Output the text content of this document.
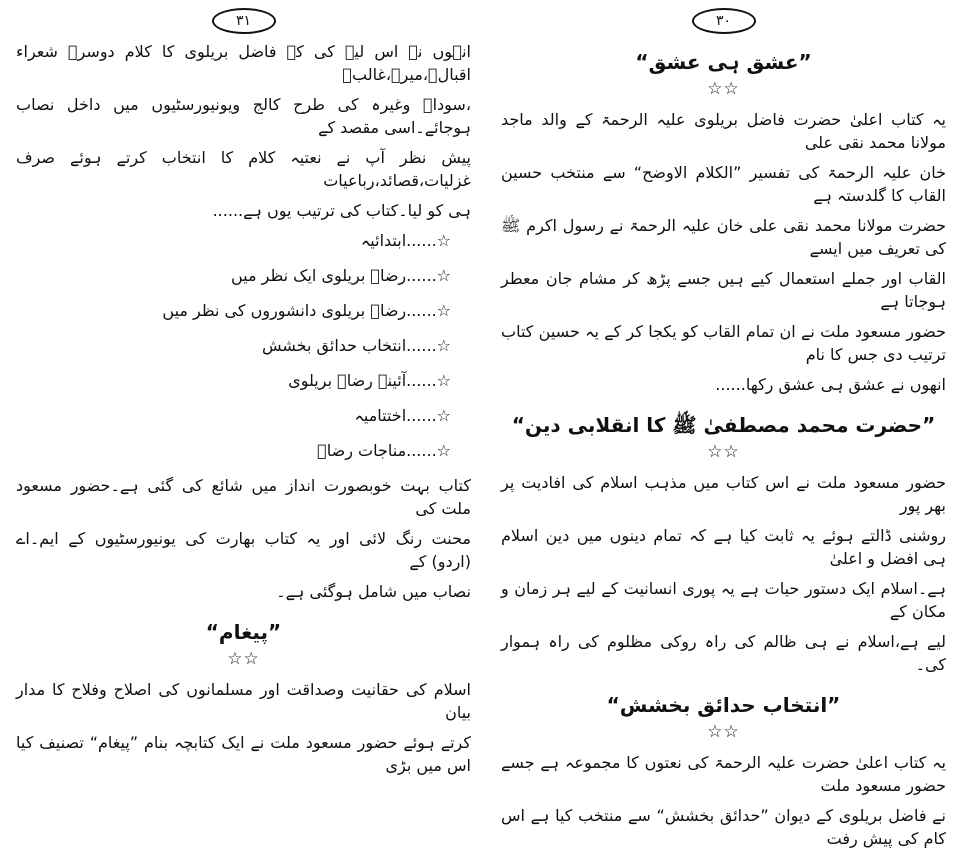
۳۱
انہوں نے اس لیے کی کہ فاضل بریلوی کا کلام دوسرے شعراء اقبالؔ،میرؔ،غالبؔ
،سوداؔ وغیرہ کی طرح کالج ویونیورسٹیوں میں داخل نصاب ہوجائے۔اسی مقصد کے
پیش نظر آپ نے نعتیہ کلام کا انتخاب کرتے ہوئے صرف غزلیات،قصائد،رباعیات
ہی کو لیا۔کتاب کی ترتیب یوں ہے......
☆......ابتدائیہ
☆......رضاؔ بریلوی ایک نظر میں
☆......رضاؔ بریلوی دانشوروں کی نظر میں
☆......انتخاب حدائق بخشش
☆......آئینہ رضاؔ بریلوی
☆......اختتامیہ
☆......مناجات رضاؔ
کتاب بہت خوبصورت انداز میں شائع کی گئی ہے۔حضور مسعود ملت کی
محنت رنگ لائی اور یہ کتاب بھارت کی یونیورسٹیوں کے ایم۔اے (اردو) کے
نصاب میں شامل ہوگئی ہے۔
”پیغام“
☆☆
اسلام کی حقانیت وصداقت اور مسلمانوں کی اصلاح وفلاح کا مدار بیان
کرتے ہوئے حضور مسعود ملت نے ایک کتابچہ بنام ”پیغام“ تصنیف کیا اس میں بڑی
۳۰
”عشق ہی عشق“
☆☆
یہ کتاب اعلیٰ حضرت فاضل بریلوی علیہ الرحمۃ کے والد ماجد مولانا محمد نقی علی
خان علیہ الرحمۃ کی تفسیر ”الکلام الاوضح“ سے منتخب حسین القاب کا گلدستہ ہے
حضرت مولانا محمد نقی علی خان علیہ الرحمۃ نے رسول اکرم ﷺ کی تعریف میں ایسے
القاب اور جملے استعمال کیے ہیں جسے پڑھ کر مشام جان معطر ہوجاتا ہے
حضور مسعود ملت نے ان تمام القاب کو یکجا کر کے یہ حسین کتاب ترتیب دی جس کا نام
انھوں نے عشق ہی عشق رکھا......
”حضرت محمد مصطفیٰ ﷺ کا انقلابی دین“
☆☆
حضور مسعود ملت نے اس کتاب میں مذہب اسلام کی افادیت پر بھر پور
روشنی ڈالتے ہوئے یہ ثابت کیا ہے کہ تمام دینوں میں دین اسلام ہی افضل و اعلیٰ
ہے۔اسلام ایک دستور حیات ہے یہ پوری انسانیت کے لیے ہر زمان و مکان کے
لیے ہے،اسلام نے ہی ظالم کی راہ روکی مظلوم کی راہ ہموار کی۔
”انتخاب حدائق بخشش“
☆☆
یہ کتاب اعلیٰ حضرت علیہ الرحمۃ کی نعتوں کا مجموعہ ہے جسے حضور مسعود ملت
نے فاضل بریلوی کے دیوان ”حدائق بخشش“ سے منتخب کیا ہے اس کام کی پیش رفت
